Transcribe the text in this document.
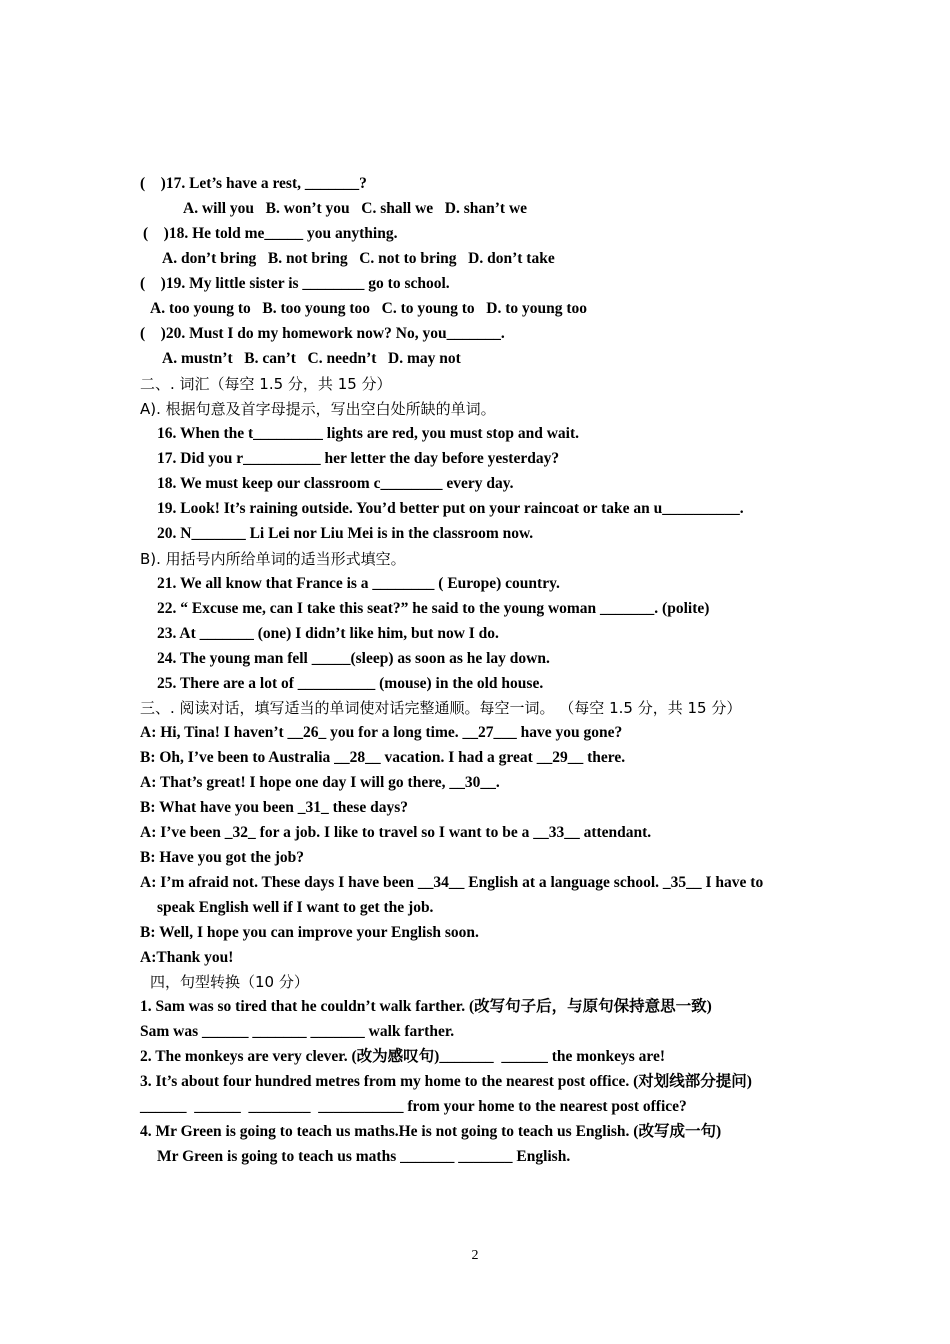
(    )17. Let’s have a rest, _______?
A. will you   B. won’t you   C. shall we   D. shan’t we
(    )18. He told me_____ you anything.
A. don’t bring   B. not bring   C. not to bring   D. don’t take
(    )19. My little sister is ________ go to school.
A. too young to   B. too young too   C. to young to   D. to young too
(    )20. Must I do my homework now? No, you_______.
A. mustn’t   B. can’t   C. needn’t   D. may not
二、. 词汇（每空 1.5 分，共 15 分）
A). 根据句意及首字母提示，写出空白处所缺的单词。
16. When the t_________ lights are red, you must stop and wait.
17. Did you r__________ her letter the day before yesterday?
18. We must keep our classroom c________ every day.
19. Look! It’s raining outside. You’d better put on your raincoat or take an u__________.
20. N_______ Li Lei nor Liu Mei is in the classroom now.
B). 用括号内所给单词的适当形式填空。
21. We all know that France is a ________ ( Europe) country.
22. “ Excuse me, can I take this seat?” he said to the young woman _______. (polite)
23. At _______ (one) I didn’t like him, but now I do.
24. The young man fell _____(sleep) as soon as he lay down.
25. There are a lot of __________ (mouse) in the old house.
三、. 阅读对话，填写适当的单词使对话完整通顺。每空一词。 （每空 1.5 分，共 15 分）
A: Hi, Tina! I haven’t __26_ you for a long time. __27___ have you gone?
B: Oh, I’ve been to Australia __28__ vacation. I had a great __29__ there.
A: That’s great! I hope one day I will go there, __30__.
B: What have you been _31_ these days?
A: I’ve been _32_ for a job. I like to travel so I want to be a __33__ attendant.
B: Have you got the job?
A: I’m afraid not. These days I have been __34__ English at a language school. _35__ I have to
speak English well if I want to get the job.
B: Well, I hope you can improve your English soon.
A:Thank you!
四，句型转换（10 分）
1. Sam was so tired that he couldn’t walk farther. (改写句子后，与原句保持意思一致)
Sam was ______ _______ _______ walk farther.
2. The monkeys are very clever. (改为感叹句)_______  ______ the monkeys are!
3. It’s about four hundred metres from my home to the nearest post office. (对划线部分提问)
______  ______  ________  ___________ from your home to the nearest post office?
4. Mr Green is going to teach us maths.He is not going to teach us English. (改写成一句)
Mr Green is going to teach us maths _______ _______ English.
2
